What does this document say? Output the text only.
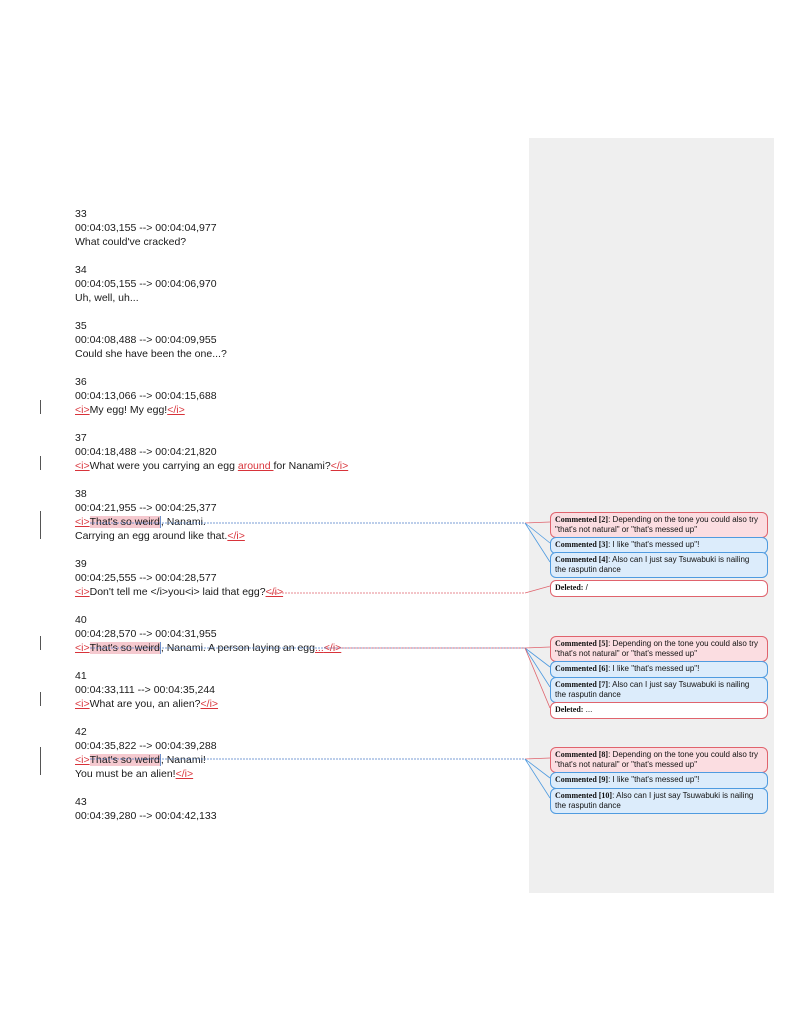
33
00:04:03,155 --> 00:04:04,977
What could've cracked?
34
00:04:05,155 --> 00:04:06,970
Uh, well, uh...
35
00:04:08,488 --> 00:04:09,955
Could she have been the one...?
36
00:04:13,066 --> 00:04:15,688
<i>My egg! My egg!</i>
37
00:04:18,488 --> 00:04:21,820
<i>What were you carrying an egg around for Nanami?</i>
38
00:04:21,955 --> 00:04:25,377
<i>That's so weird, Nanami.
Carrying an egg around like that.</i>
39
00:04:25,555 --> 00:04:28,577
<i>Don't tell me </i>you<i> laid that egg?</i>
40
00:04:28,570 --> 00:04:31,955
<i>That's so weird, Nanami. A person laying an egg...</i>
41
00:04:33,111 --> 00:04:35,244
<i>What are you, an alien?</i>
42
00:04:35,822 --> 00:04:39,288
<i>That's so weird, Nanami!
You must be an alien!</i>
43
00:04:39,280 --> 00:04:42,133
Commented [2]: Depending on the tone you could also try "that's not natural" or "that's messed up"
Commented [3]: I like "that's messed up"!
Commented [4]: Also can I just say Tsuwabuki is nailing the rasputin dance
Deleted: /
Commented [5]: Depending on the tone you could also try "that's not natural" or "that's messed up"
Commented [6]: I like "that's messed up"!
Commented [7]: Also can I just say Tsuwabuki is nailing the rasputin dance
Deleted: ...
Commented [8]: Depending on the tone you could also try "that's not natural" or "that's messed up"
Commented [9]: I like "that's messed up"!
Commented [10]: Also can I just say Tsuwabuki is nailing the rasputin dance
